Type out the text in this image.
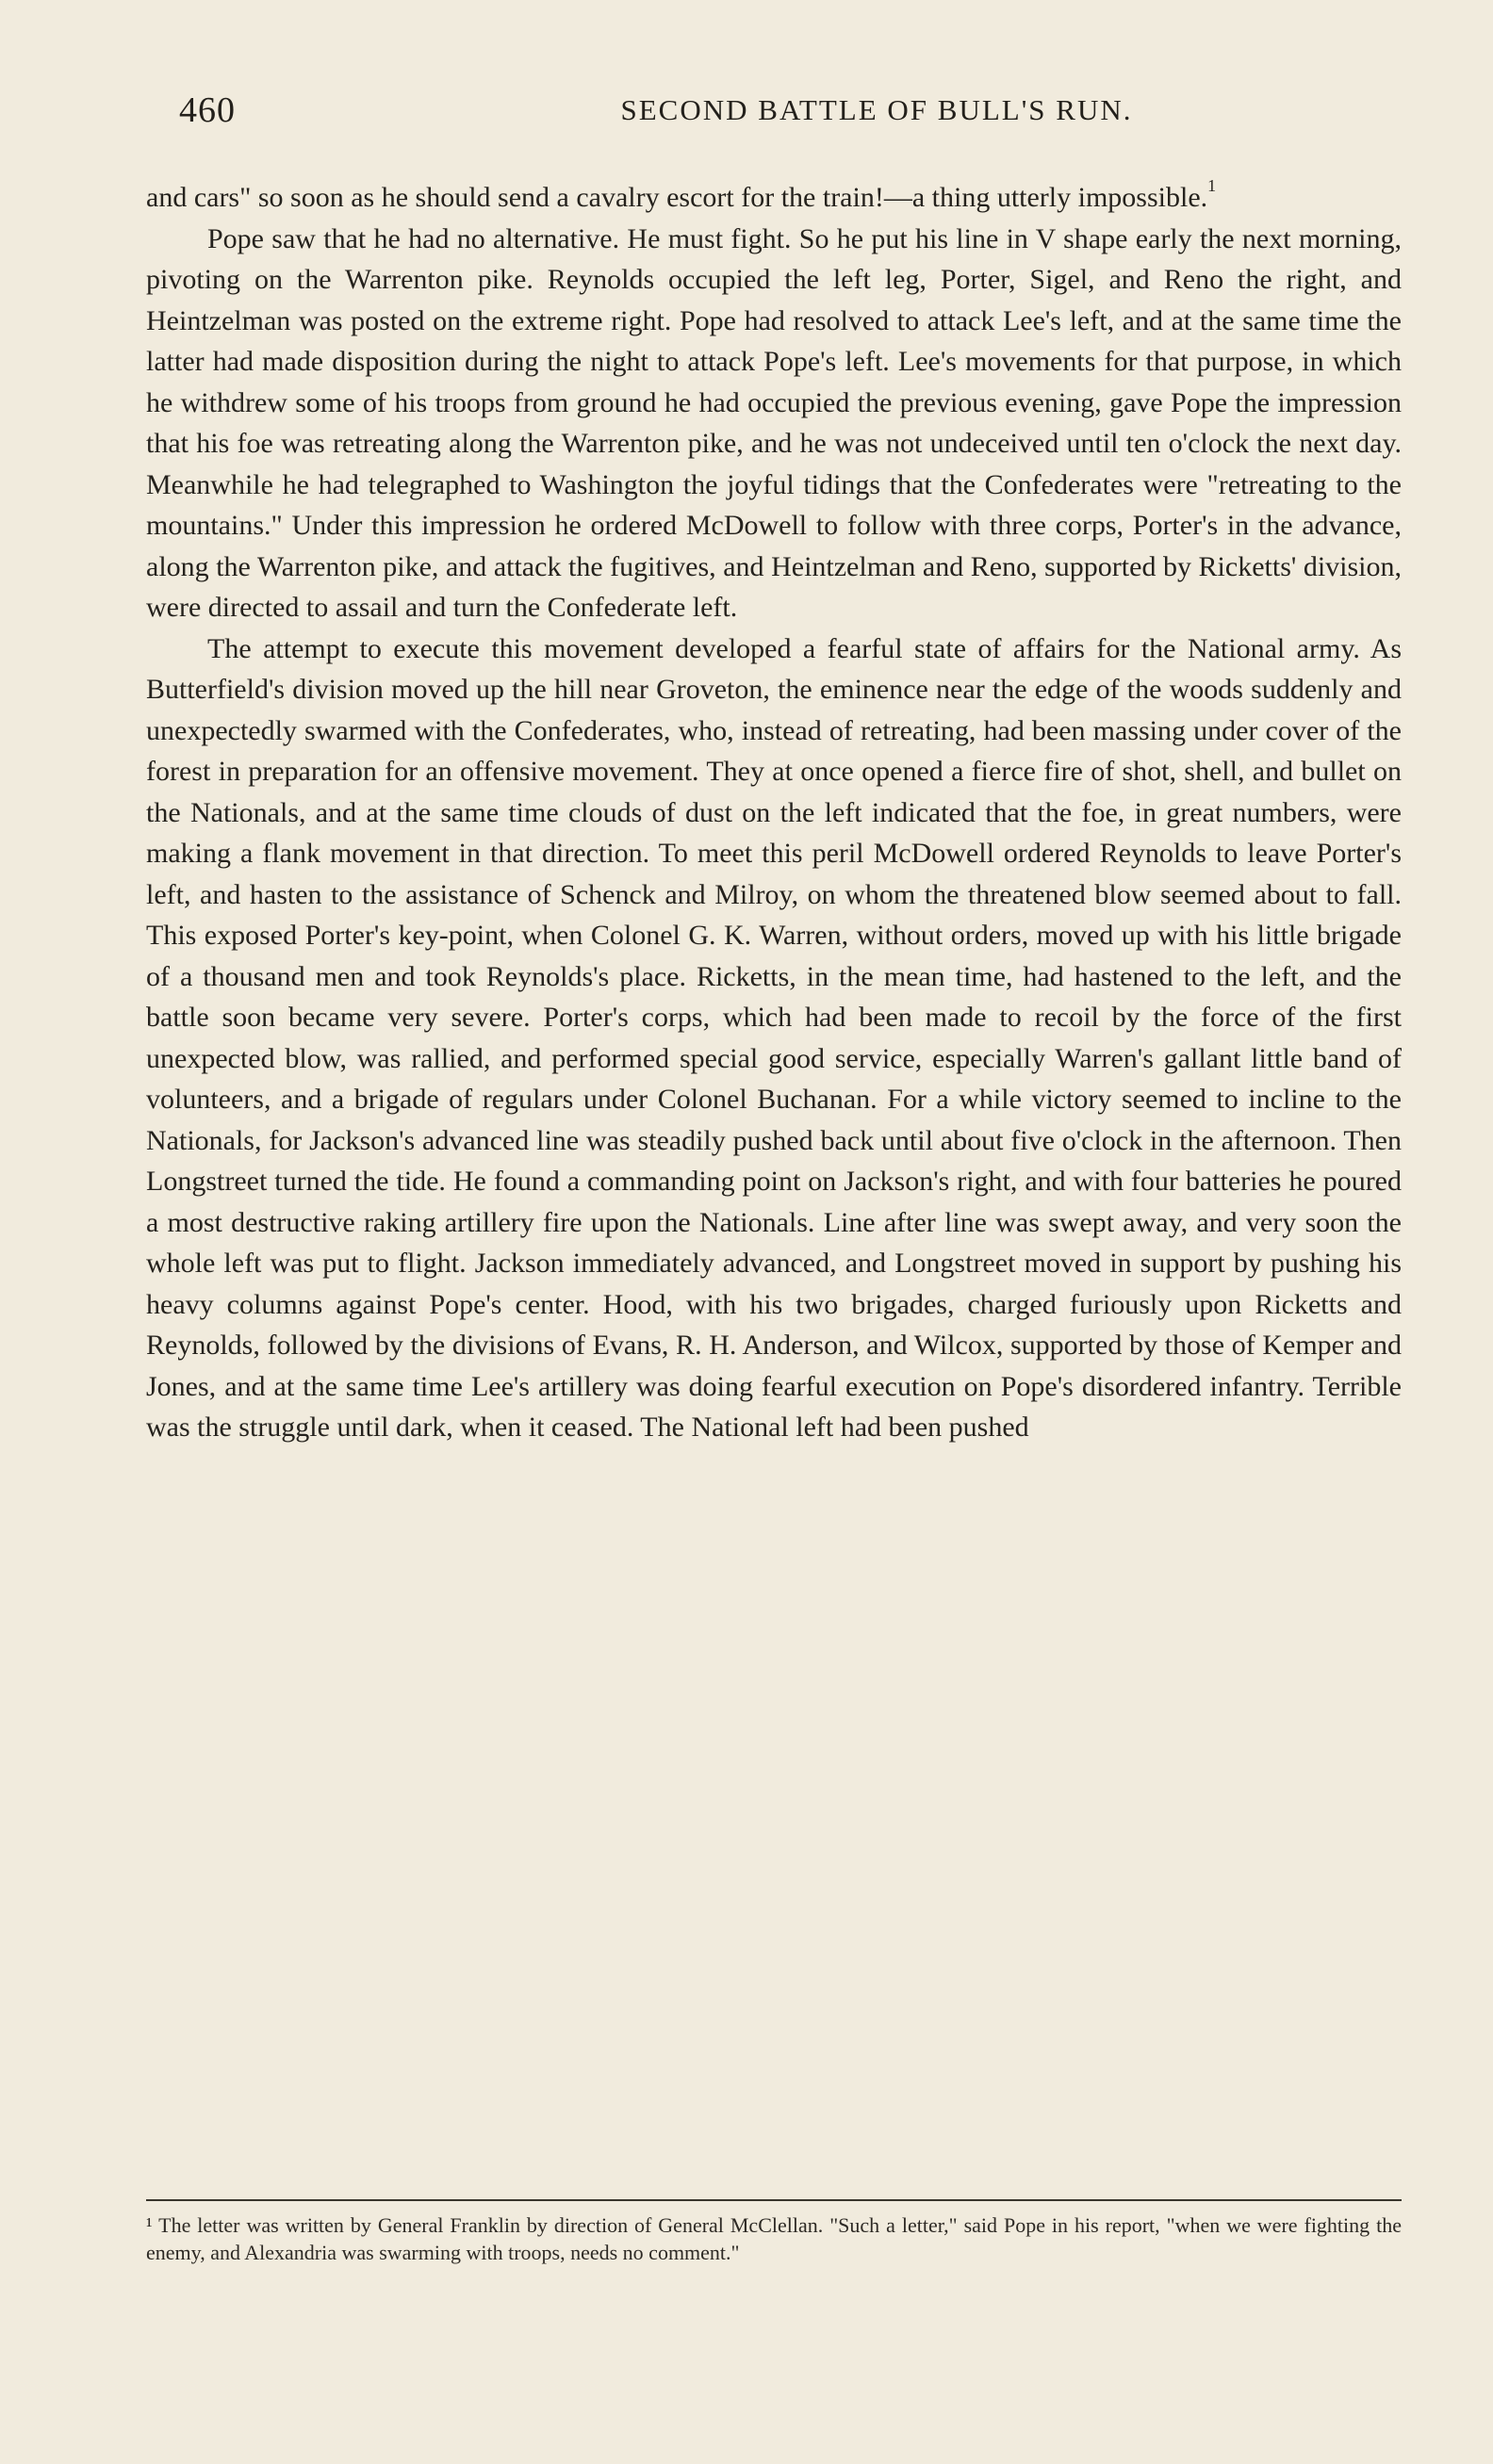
460	SECOND BATTLE OF BULL'S RUN.

and cars" so soon as he should send a cavalry escort for the train!—a thing utterly impossible.$^1$

Pope saw that he had no alternative. He must fight. So he put his line in V shape early the next morning, pivoting on the Warrenton pike. Reynolds occupied the left leg, Porter, Sigel, and Reno the right, and Heintzelman was posted on the extreme right. Pope had resolved to attack Lee's left, and at the same time the latter had made disposition during the night to attack Pope's left. Lee's movements for that purpose, in which he withdrew some of his troops from ground he had occupied the previous evening, gave Pope the impression that his foe was retreating along the Warrenton pike, and he was not undeceived until ten o'clock the next day. Meanwhile he had telegraphed to Washington the joyful tidings that the Confederates were "retreating to the mountains." Under this impression he ordered McDowell to follow with three corps, Porter's in the advance, along the Warrenton pike, and attack the fugitives, and Heintzelman and Reno, supported by Ricketts' division, were directed to assail and turn the Confederate left.

The attempt to execute this movement developed a fearful state of affairs for the National army. As Butterfield's division moved up the hill near Groveton, the eminence near the edge of the woods suddenly and unexpectedly swarmed with the Confederates, who, instead of retreating, had been massing under cover of the forest in preparation for an offensive movement. They at once opened a fierce fire of shot, shell, and bullet on the Nationals, and at the same time clouds of dust on the left indicated that the foe, in great numbers, were making a flank movement in that direction. To meet this peril McDowell ordered Reynolds to leave Porter's left, and hasten to the assistance of Schenck and Milroy, on whom the threatened blow seemed about to fall. This exposed Porter's key-point, when Colonel G. K. Warren, without orders, moved up with his little brigade of a thousand men and took Reynolds's place. Ricketts, in the mean time, had hastened to the left, and the battle soon became very severe. Porter's corps, which had been made to recoil by the force of the first unexpected blow, was rallied, and performed special good service, especially Warren's gallant little band of volunteers, and a brigade of regulars under Colonel Buchanan. For a while victory seemed to incline to the Nationals, for Jackson's advanced line was steadily pushed back until about five o'clock in the afternoon. Then Longstreet turned the tide. He found a commanding point on Jackson's right, and with four batteries he poured a most destructive raking artillery fire upon the Nationals. Line after line was swept away, and very soon the whole left was put to flight. Jackson immediately advanced, and Longstreet moved in support by pushing his heavy columns against Pope's center. Hood, with his two brigades, charged furiously upon Ricketts and Reynolds, followed by the divisions of Evans, R. H. Anderson, and Wilcox, supported by those of Kemper and Jones, and at the same time Lee's artillery was doing fearful execution on Pope's disordered infantry. Terrible was the struggle until dark, when it ceased. The National left had been pushed

¹ The letter was written by General Franklin by direction of General McClellan. "Such a letter," said Pope in his report, "when we were fighting the enemy, and Alexandria was swarming with troops, needs no comment."
